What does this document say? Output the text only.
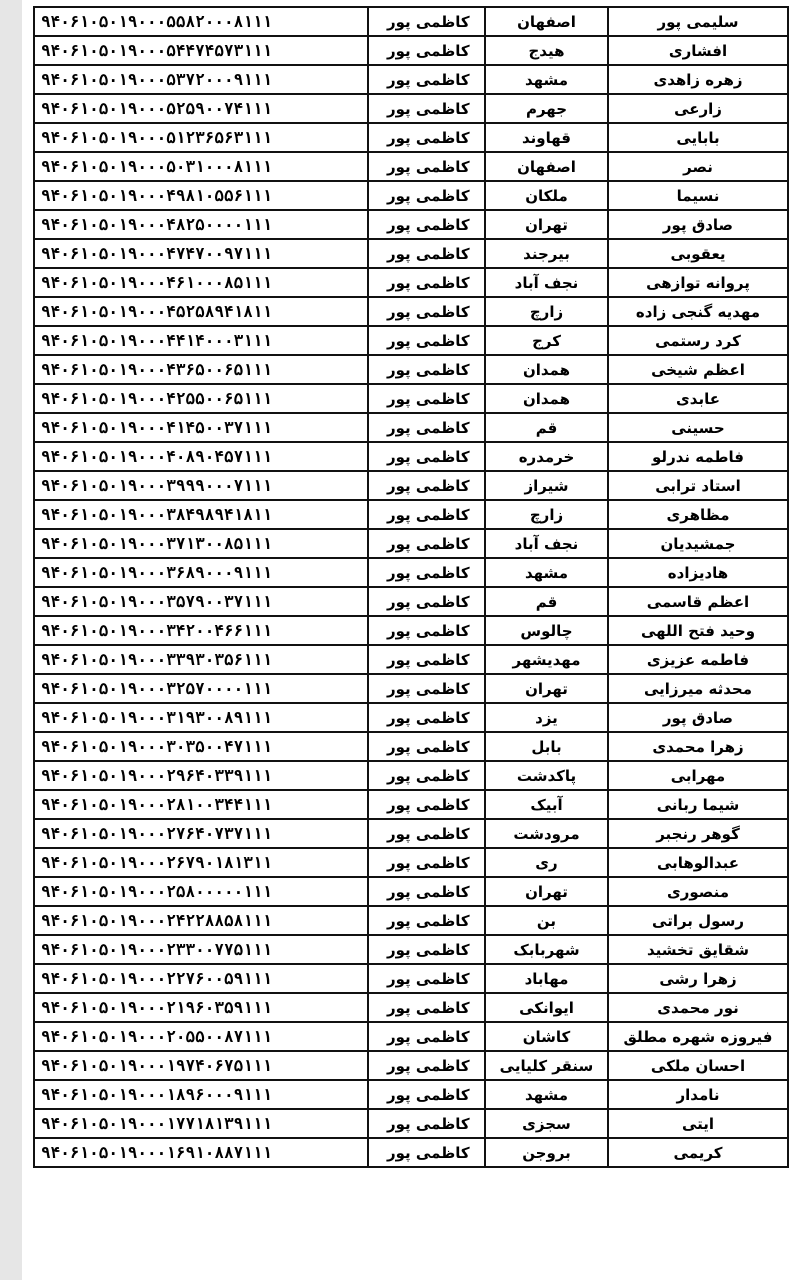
سلیمی پور	اصفهان	کاظمی پور	۹۴۰۶۱۰۵۰۱۹۰۰۰۵۵۸۲۰۰۰۸۱۱۱
افشاری	هیدج	کاظمی پور	۹۴۰۶۱۰۵۰۱۹۰۰۰۵۴۴۷۴۵۷۳۱۱۱
زهره زاهدی	مشهد	کاظمی پور	۹۴۰۶۱۰۵۰۱۹۰۰۰۵۳۷۲۰۰۰۹۱۱۱
زارعی	جهرم	کاظمی پور	۹۴۰۶۱۰۵۰۱۹۰۰۰۵۲۵۹۰۰۷۴۱۱۱
بابایی	قهاوند	کاظمی پور	۹۴۰۶۱۰۵۰۱۹۰۰۰۵۱۲۳۶۵۶۳۱۱۱
نصر	اصفهان	کاظمی پور	۹۴۰۶۱۰۵۰۱۹۰۰۰۵۰۳۱۰۰۰۸۱۱۱
نسیما	ملکان	کاظمی پور	۹۴۰۶۱۰۵۰۱۹۰۰۰۴۹۸۱۰۵۵۶۱۱۱
صادق پور	تهران	کاظمی پور	۹۴۰۶۱۰۵۰۱۹۰۰۰۴۸۲۵۰۰۰۰۱۱۱
یعقوبی	بیرجند	کاظمی پور	۹۴۰۶۱۰۵۰۱۹۰۰۰۴۷۴۷۰۰۹۷۱۱۱
پروانه توازهی	نجف آباد	کاظمی پور	۹۴۰۶۱۰۵۰۱۹۰۰۰۴۶۱۰۰۰۸۵۱۱۱
مهدیه گنجی زاده	زارچ	کاظمی پور	۹۴۰۶۱۰۵۰۱۹۰۰۰۴۵۲۵۸۹۴۱۸۱۱
کرد رستمی	کرج	کاظمی پور	۹۴۰۶۱۰۵۰۱۹۰۰۰۴۴۱۴۰۰۰۳۱۱۱
اعظم شیخی	همدان	کاظمی پور	۹۴۰۶۱۰۵۰۱۹۰۰۰۴۳۶۵۰۰۶۵۱۱۱
عابدی	همدان	کاظمی پور	۹۴۰۶۱۰۵۰۱۹۰۰۰۴۲۵۵۰۰۶۵۱۱۱
حسینی	قم	کاظمی پور	۹۴۰۶۱۰۵۰۱۹۰۰۰۴۱۴۵۰۰۳۷۱۱۱
فاطمه ندرلو	خرمدره	کاظمی پور	۹۴۰۶۱۰۵۰۱۹۰۰۰۴۰۸۹۰۴۵۷۱۱۱
استاد ترابی	شیراز	کاظمی پور	۹۴۰۶۱۰۵۰۱۹۰۰۰۳۹۹۹۰۰۰۷۱۱۱
مظاهری	زارچ	کاظمی پور	۹۴۰۶۱۰۵۰۱۹۰۰۰۳۸۴۹۸۹۴۱۸۱۱
جمشیدیان	نجف آباد	کاظمی پور	۹۴۰۶۱۰۵۰۱۹۰۰۰۳۷۱۳۰۰۸۵۱۱۱
هادیزاده	مشهد	کاظمی پور	۹۴۰۶۱۰۵۰۱۹۰۰۰۳۶۸۹۰۰۰۹۱۱۱
اعظم قاسمی	قم	کاظمی پور	۹۴۰۶۱۰۵۰۱۹۰۰۰۳۵۷۹۰۰۳۷۱۱۱
وحید فتح اللهی	چالوس	کاظمی پور	۹۴۰۶۱۰۵۰۱۹۰۰۰۳۴۲۰۰۴۶۶۱۱۱
فاطمه عزیزی	مهدیشهر	کاظمی پور	۹۴۰۶۱۰۵۰۱۹۰۰۰۳۳۹۳۰۳۵۶۱۱۱
محدثه میرزایی	تهران	کاظمی پور	۹۴۰۶۱۰۵۰۱۹۰۰۰۳۲۵۷۰۰۰۰۱۱۱
صادق پور	یزد	کاظمی پور	۹۴۰۶۱۰۵۰۱۹۰۰۰۳۱۹۳۰۰۸۹۱۱۱
زهرا محمدی	بابل	کاظمی پور	۹۴۰۶۱۰۵۰۱۹۰۰۰۳۰۳۵۰۰۴۷۱۱۱
مهرابی	پاکدشت	کاظمی پور	۹۴۰۶۱۰۵۰۱۹۰۰۰۲۹۶۴۰۳۳۹۱۱۱
شیما ربانی	آبیک	کاظمی پور	۹۴۰۶۱۰۵۰۱۹۰۰۰۲۸۱۰۰۳۴۴۱۱۱
گوهر رنجبر	مرودشت	کاظمی پور	۹۴۰۶۱۰۵۰۱۹۰۰۰۲۷۶۴۰۷۳۷۱۱۱
عبدالوهابی	ری	کاظمی پور	۹۴۰۶۱۰۵۰۱۹۰۰۰۲۶۷۹۰۱۸۱۳۱۱
منصوری	تهران	کاظمی پور	۹۴۰۶۱۰۵۰۱۹۰۰۰۲۵۸۰۰۰۰۰۱۱۱
رسول براتی	بن	کاظمی پور	۹۴۰۶۱۰۵۰۱۹۰۰۰۲۴۲۲۸۸۵۸۱۱۱
شقایق تخشید	شهربابک	کاظمی پور	۹۴۰۶۱۰۵۰۱۹۰۰۰۲۳۳۰۰۷۷۵۱۱۱
زهرا رشی	مهاباد	کاظمی پور	۹۴۰۶۱۰۵۰۱۹۰۰۰۲۲۷۶۰۰۵۹۱۱۱
نور محمدی	ایوانکی	کاظمی پور	۹۴۰۶۱۰۵۰۱۹۰۰۰۲۱۹۶۰۳۵۹۱۱۱
فیروزه شهره مطلق	کاشان	کاظمی پور	۹۴۰۶۱۰۵۰۱۹۰۰۰۲۰۵۵۰۰۸۷۱۱۱
احسان ملکی	سنقر کلیایی	کاظمی پور	۹۴۰۶۱۰۵۰۱۹۰۰۰۱۹۷۴۰۶۷۵۱۱۱
نامدار	مشهد	کاظمی پور	۹۴۰۶۱۰۵۰۱۹۰۰۰۱۸۹۶۰۰۰۹۱۱۱
ایتی	سجزی	کاظمی پور	۹۴۰۶۱۰۵۰۱۹۰۰۰۱۷۷۱۸۱۳۹۱۱۱
کریمی	بروجن	کاظمی پور	۹۴۰۶۱۰۵۰۱۹۰۰۰۱۶۹۱۰۸۸۷۱۱۱
